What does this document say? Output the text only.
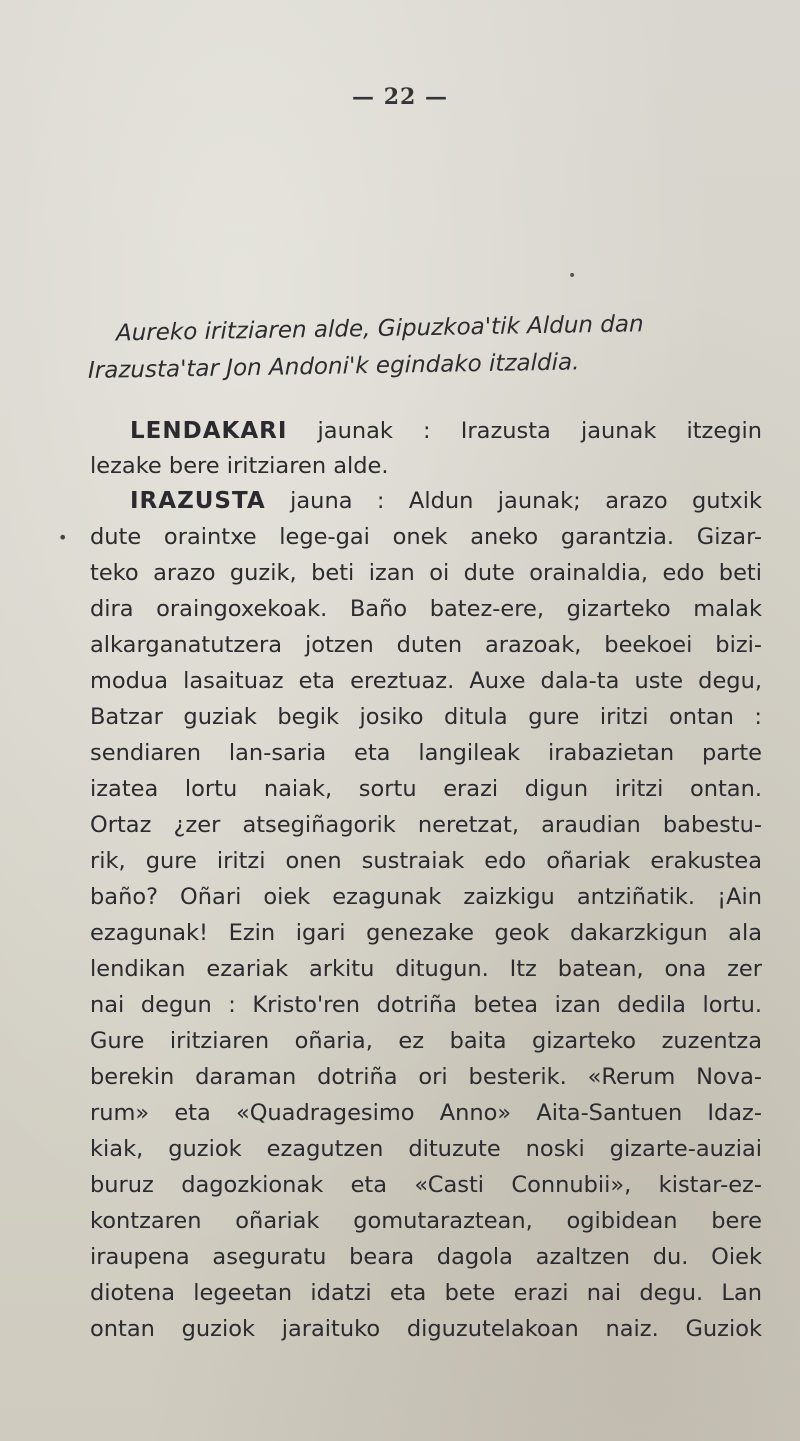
— 22 —
•
•
Aureko iritziaren alde, Gipuzkoa'tik Aldun dan
Irazusta'tar Jon Andoni'k egindako itzaldia.
LENDAKARI jaunak : Irazusta jaunak itzegin
lezake bere iritziaren alde.
IRAZUSTA jauna : Aldun jaunak; arazo gutxik
dute oraintxe lege-gai onek aneko garantzia. Gizar-
teko arazo guzik, beti izan oi dute orainaldia, edo beti
dira oraingoxekoak. Baño batez-ere, gizarteko malak
alkarganatutzera jotzen duten arazoak, beekoei bizi-
modua lasaituaz eta ereztuaz. Auxe dala-ta uste degu,
Batzar guziak begik josiko ditula gure iritzi ontan :
sendiaren lan-saria eta langileak irabazietan parte
izatea lortu naiak, sortu erazi digun iritzi ontan.
Ortaz ¿zer atsegiñagorik neretzat, araudian babestu-
rik, gure iritzi onen sustraiak edo oñariak erakustea
baño? Oñari oiek ezagunak zaizkigu antziñatik. ¡Ain
ezagunak! Ezin igari genezake geok dakarzkigun ala
lendikan ezariak arkitu ditugun. Itz batean, ona zer
nai degun : Kristo'ren dotriña betea izan dedila lortu.
Gure iritziaren oñaria, ez baita gizarteko zuzentza
berekin daraman dotriña ori besterik. «Rerum Nova-
rum» eta «Quadragesimo Anno» Aita-Santuen Idaz-
kiak, guziok ezagutzen dituzute noski gizarte-auziai
buruz dagozkionak eta «Casti Connubii», kistar-ez-
kontzaren oñariak gomutaraztean, ogibidean bere
iraupena aseguratu beara dagola azaltzen du. Oiek
diotena legeetan idatzi eta bete erazi nai degu. Lan
ontan guziok jaraituko diguzutelakoan naiz. Guziok
